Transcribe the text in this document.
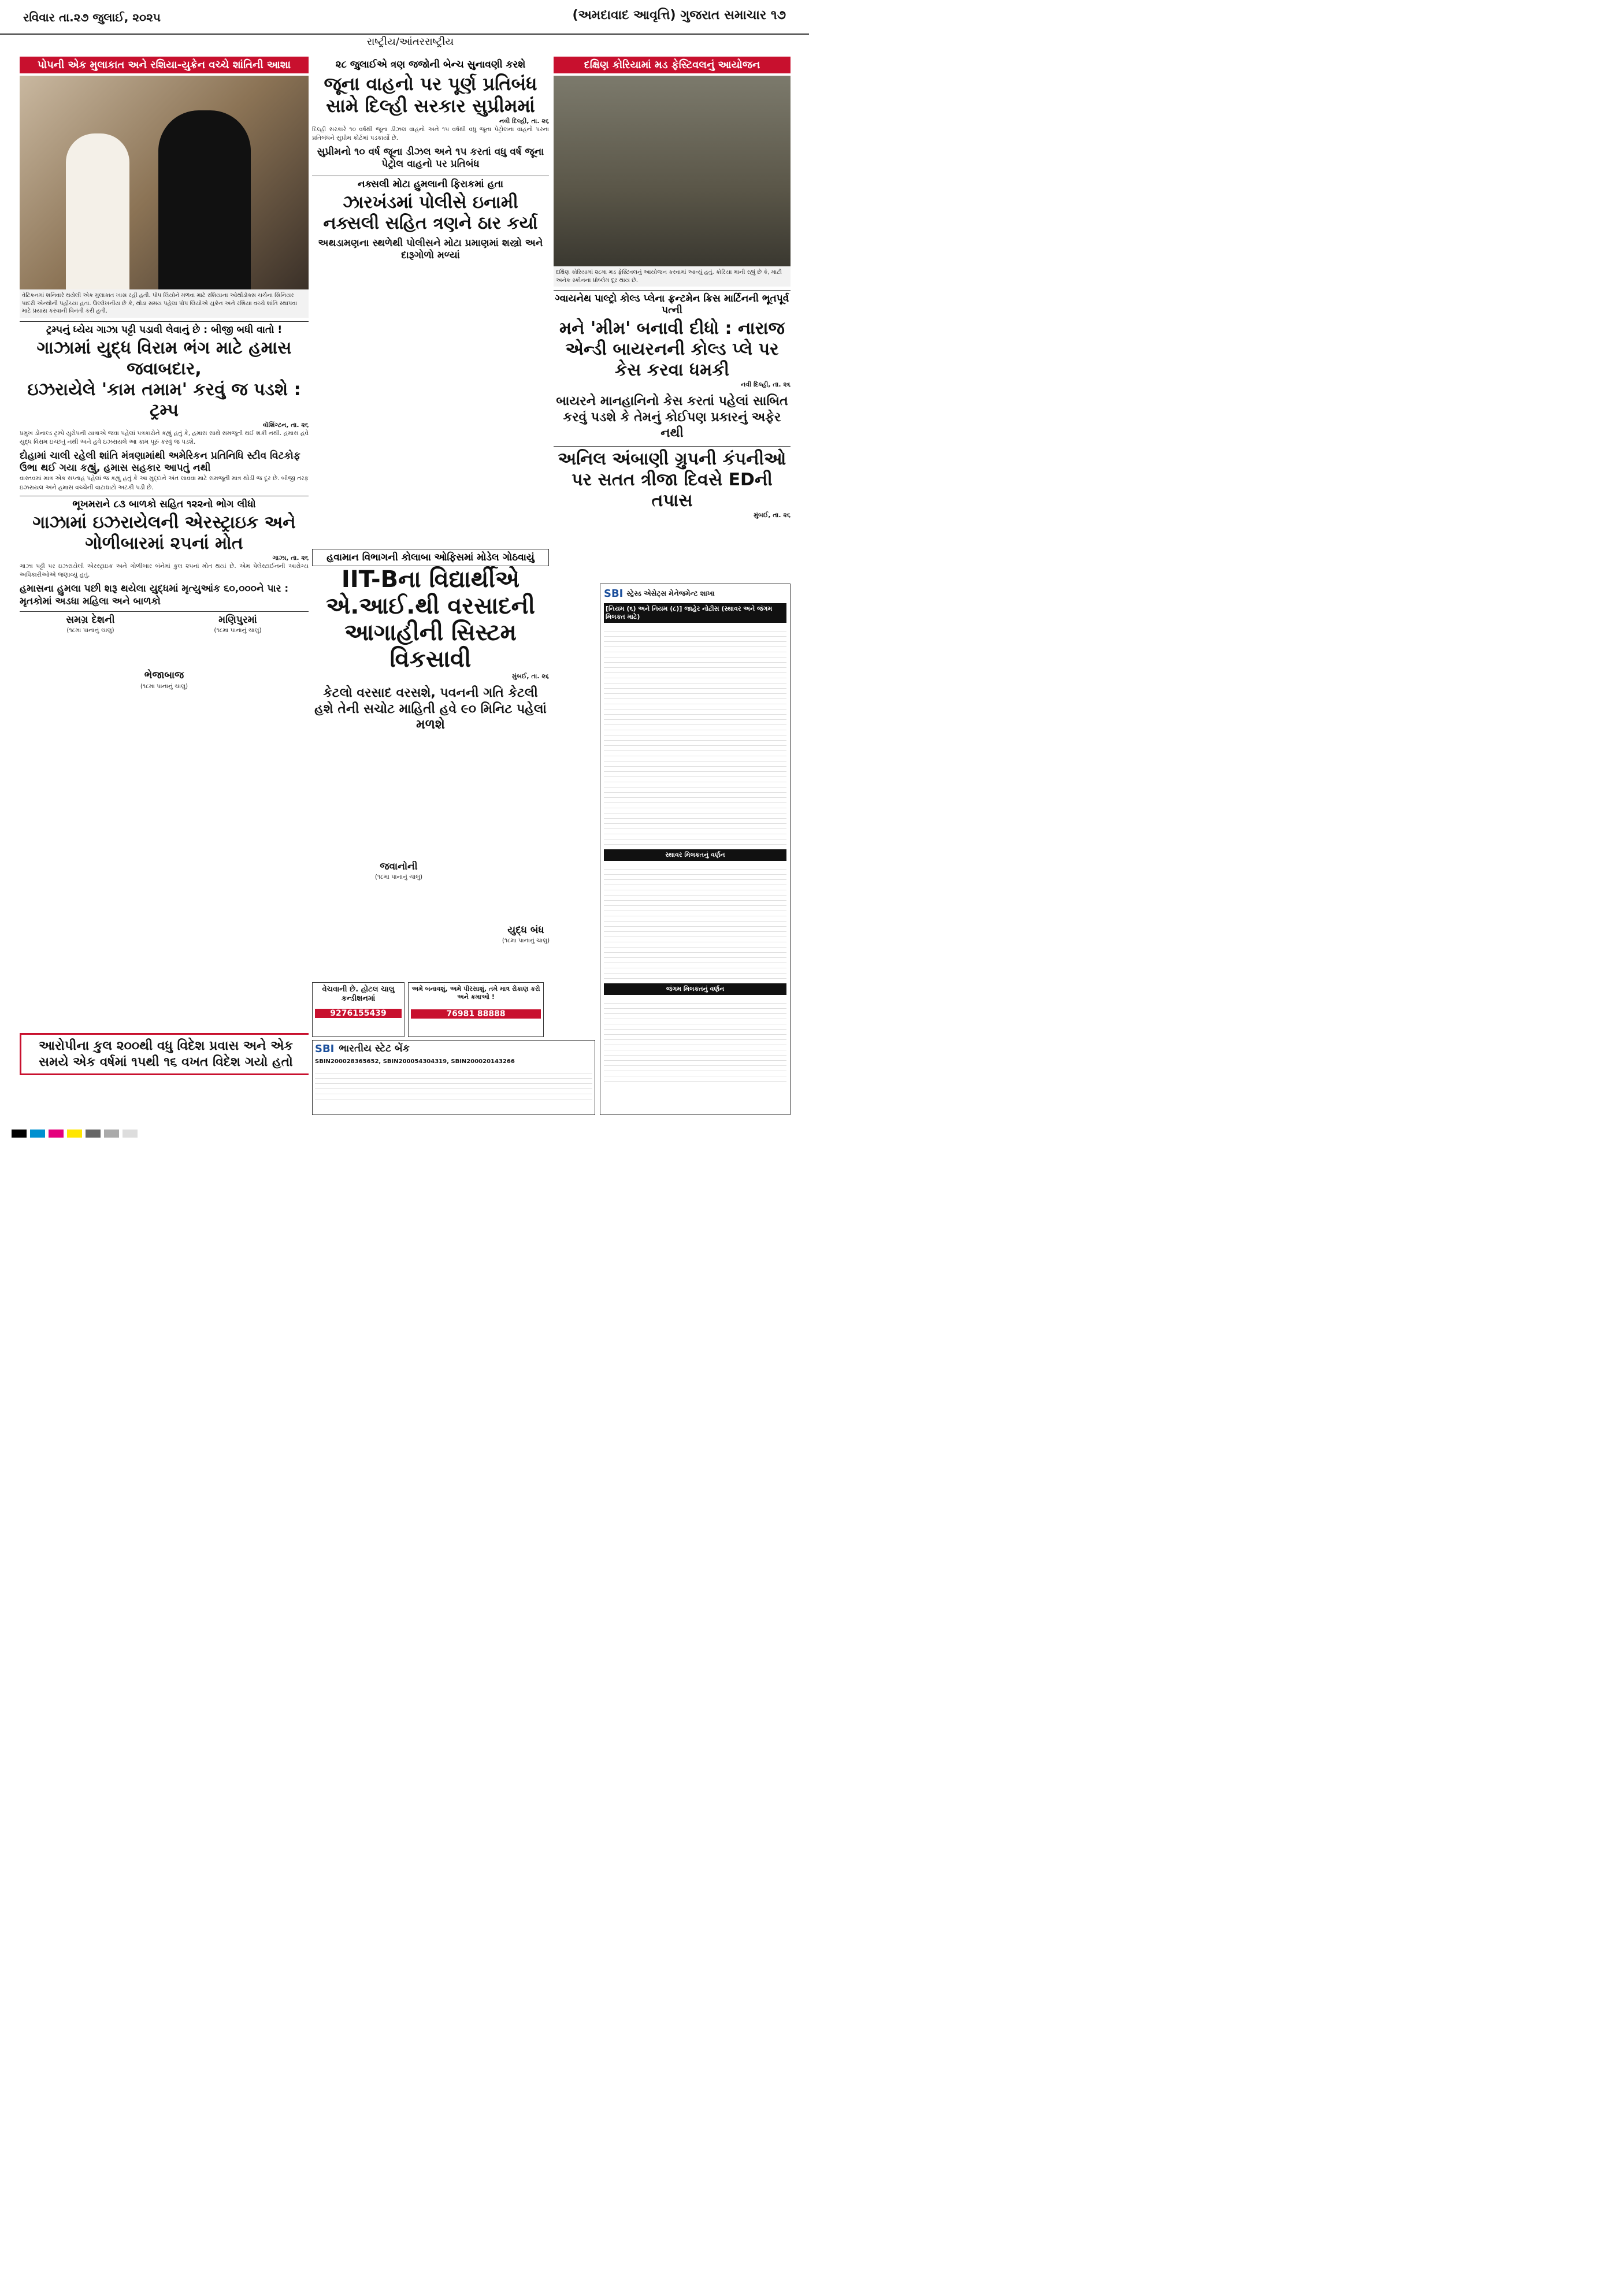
રવિવાર તા.૨૭ જુલાઈ, ૨૦૨૫	(અમદાવાદ આવૃત્તિ) ગુજરાત સમાચાર ૧૭
રાષ્ટ્રીય/આંતરરાષ્ટ્રીય
પોપની એક મુલાકાત અને રશિયા-યુક્રેન વચ્ચે શાંતિની આશા
વેટિકનમાં શનિવારે થયેલી એક મુલાકાત ખાસ રહી હતી. પોપ લિયોને મળવા માટે રશિયાના ઓર્થોડોક્સ ચર્ચના સિનિયર પાદરી એન્થોની પહોંચ્યા હતા. ઉલ્લેખનીય છે કે, થોડા સમય પહેલા પોપ લિયોએ યુક્રેન અને રશિયા વચ્ચે શાંતિ સ્થાપવા માટે પ્રયાસ કરવાની વિનંતી કરી હતી.
ટ્રમ્પનું ધ્યેય ગાઝા પટ્ટી પડાવી લેવાનું છે : બીજી બધી વાતો !
ગાઝામાં યુદ્ધ વિરામ ભંગ માટે હમાસ જવાબદાર,
ઇઝરાયેલે 'કામ તમામ' કરવું જ પડશે : ટ્રમ્પ
વૉશિંગ્ટન, તા. ૨૬
પ્રમુખ ડોનાલ્ડ ટ્રમ્પે યુરોપની યાત્રાએ જવા પહેલાં પત્રકારોને કહ્યું હતું કે, હમાસ સાથે સમજૂતી થઈ શકી નથી. હમાસ હવે યુદ્ધ વિરામ ઇચ્છતું નથી અને હવે ઇઝરાયલે આ કામ પૂરું કરવું જ પડશે.
દોહામાં ચાલી રહેલી શાંતિ મંત્રણામાંથી અમેરિકન પ્રતિનિધિ સ્ટીવ વિટકોફ ઉભા થઈ ગયા કહ્યું, હમાસ સહકાર આપતું નથી
વાસ્તવમાં માત્ર એક સપ્તાહ પહેલાં જ કહ્યું હતું કે આ મુદ્દાને અંત લાવવા માટે સમજૂતી માત્ર થોડી જ દૂર છે. બીજી તરફ ઇઝરાયલ અને હમાસ વચ્ચેની વાટાઘાટો અટકી પડી છે.
ભૂખમરાને ૮૩ બાળકો સહિત ૧૨૨નો ભોગ લીધો
ગાઝામાં ઇઝરાયેલની એરસ્ટ્રાઇક અને ગોળીબારમાં ૨૫નાં મોત
ગાઝા, તા. ૨૬
ગાઝા પટ્ટી પર ઇઝરાયેલી એરસ્ટ્રાઇક અને ગોળીબાર બંનેમાં કુલ ૨૫નાં મોત થયાં છે. એમ પેલેસ્ટાઈનની આરોગ્ય અધિકારીઓએ જણાવ્યું હતું.
હમાસના હુમલા પછી શરૂ થયેલા યુદ્ધમાં મૃત્યુઆંક ૬૦,૦૦૦ને પાર : મૃતકોમાં અડધા મહિલા અને બાળકો
સમગ્ર દેશની
(૧૮મા પાનાનું ચાલુ)
મણિપુરમાં
(૧૮મા પાનાનું ચાલુ)
ભેજાબાજ
(૧૮મા પાનાનું ચાલુ)
આરોપીના કુલ ૨૦૦થી વધુ વિદેશ પ્રવાસ અને એક સમયે એક વર્ષમાં ૧૫થી ૧૬ વખત વિદેશ ગયો હતો
૨૮ જુલાઈએ ત્રણ જજોની બેન્ચ સુનાવણી કરશે
જૂના વાહનો પર પૂર્ણ પ્રતિબંધ સામે દિલ્હી સરકાર સુપ્રીમમાં
નવી દિલ્હી, તા. ૨૬
દિલ્હી સરકારે ૧૦ વર્ષથી જૂના ડીઝલ વાહનો અને ૧૫ વર્ષથી વધુ જૂના પેટ્રોલના વાહનો પરના પ્રતિબંધને સુપ્રીમ કોર્ટમાં પડકાર્યો છે.
સુપ્રીમનો ૧૦ વર્ષ જૂના ડીઝલ અને ૧૫ કરતાં વધુ વર્ષ જૂના પેટ્રોલ વાહનો પર પ્રતિબંધ
નક્સલી મોટા હુમલાની ફિરાકમાં હતા
ઝારખંડમાં પોલીસે ઇનામી નક્સલી સહિત ત્રણને ઠાર કર્યા
અથડામણના સ્થળેથી પોલીસને મોટા પ્રમાણમાં શસ્ત્રો અને દારૂગોળો મળ્યાં
દક્ષિણ કોરિયામાં મડ ફેસ્ટિવલનું આયોજન
દક્ષિણ કોરિયામાં ૨૮મા મડ ફેસ્ટિવલનું આયોજન કરવામાં આવ્યું હતું. કોરિયા માની રહ્યું છે કે, માટી અનેક સ્કીનના પ્રોબ્લેમ દૂર થાય છે.
ગ્વાયનેથ પાલ્ટ્રો કોલ્ડ પ્લેના ફ્રન્ટમેન ક્રિસ માર્ટિનની ભૂતપૂર્વ પત્ની
મને 'મીમ' બનાવી દીધો : નારાજ એન્ડી બાયરનની કોલ્ડ પ્લે પર કેસ કરવા ધમકી
નવી દિલ્હી, તા. ૨૬
બાયરને માનહાનિનો કેસ કરતાં પહેલાં સાબિત કરવું પડશે કે તેમનું કોઈપણ પ્રકારનું અફેર નથી
અનિલ અંબાણી ગ્રુપની કંપનીઓ પર સતત ત્રીજા દિવસે EDની તપાસ
મુંબઈ, તા. ૨૬
હવામાન વિભાગની કોલાબા ઓફિસમાં મોડેલ ગોઠવાયું
IIT-Bના વિદ્યાર્થીએ એ.આઈ.થી વરસાદની આગાહીની સિસ્ટમ વિકસાવી
મુંબઈ, તા. ૨૬
કેટલો વરસાદ વરસશે, પવનની ગતિ કેટલી હશે તેની સચોટ માહિતી હવે ૯૦ મિનિટ પહેલાં મળશે
જવાનોની
(૧૮મા પાનાનું ચાલુ)
યુદ્ધ બંધ
(૧૮મા પાનાનું ચાલુ)
SBI સ્ટ્રેસ્ડ એસેટ્સ મેનેજમેન્ટ શાખા
[નિયમ (૬) અને નિયમ (૮)] જાહેર નોટીસ (સ્થાવર અને જંગમ મિલકત માટે)
સ્થાવર મિલકતનું વર્ણન
જંગમ મિલકતનું વર્ણન
વેચવાની છે. હોટલ ચાલુ કન્ડીશનમાં
9276155439
અમે બનાવશું, અમે પીરસાશું, તમે માત્ર રોકાણ કરો અને કમાઓ !
76981 88888
SBI ભારતીય સ્ટેટ બેંક
SBIN200028365652, SBIN200054304319, SBIN200020143266
